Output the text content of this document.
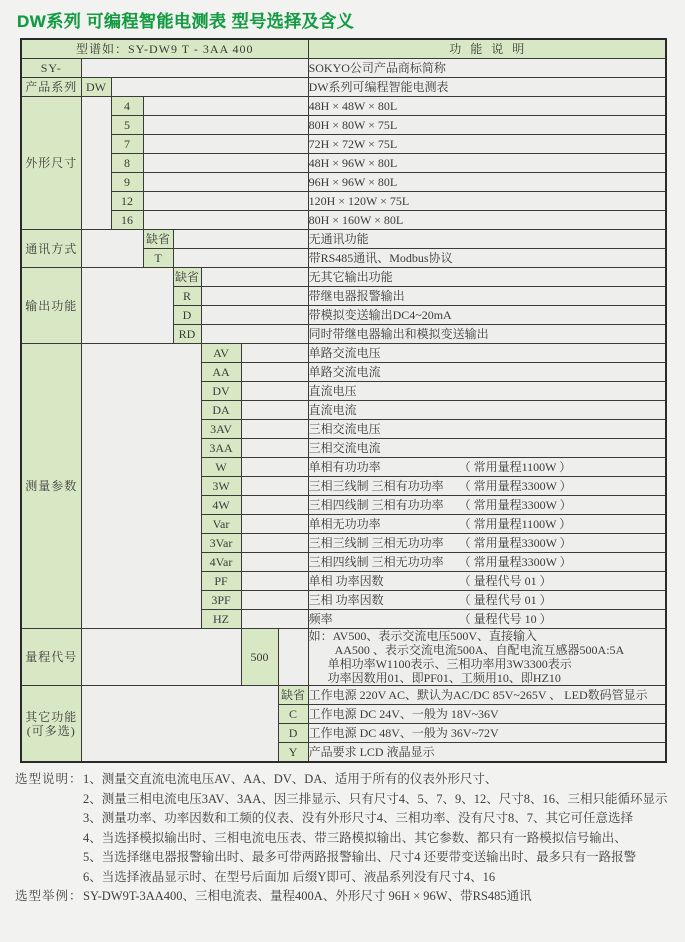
DW系列 可编程智能电测表 型号选择及含义
型谱如：SY-DW9 T - 3AA 400								功能说明
SY-								SOKYO公司产品商标简称
产品系列	DW							DW系列可编程智能电测表
外形尺寸		4						48H × 48W × 80L
		5						80H × 80W × 75L
		7						72H × 72W × 75L
		8						48H × 96W × 80L
		9						96H × 96W × 80L
		12						120H × 120W × 75L
		16						80H × 160W × 80L
通讯方式			缺省					无通讯功能
			T					带RS485通讯、Modbus协议
输出功能				缺省				无其它输出功能
				R				带继电器报警输出
				D				带模拟变送输出DC4~20mA
				RD				同时带继电器输出和模拟变送输出
测量参数					AV			单路交流电压
					AA			单路交流电流
					DV			直流电压
					DA			直流电流
					3AV			三相交流电压
					3AA			三相交流电流
					W			单相有功功率 （ 常用量程1100W ）
					3W			三相三线制 三相有功功率 （ 常用量程3300W ）
					4W			三相四线制 三相有功功率 （ 常用量程3300W ）
					Var			单相无功功率 （ 常用量程1100W ）
					3Var			三相三线制 三相无功功率 （ 常用量程3300W ）
					4Var			三相四线制 三相无功功率 （ 常用量程3300W ）
					PF			单相 功率因数 （ 量程代号 01 ）
					3PF			三相 功率因数 （ 量程代号 01 ）
					HZ			频率 （ 量程代号 10 ）
量程代号						500		如：AV500、表示交流电压500V、直接输入
AA500 、表示交流电流500A、自配电流互感器500A:5A
单相功率W1100表示、三相功率用3W3300表示
功率因数用01、即PF01、工频用10、即HZ10

其它功能
(可多选)							缺省	工作电源 220V AC、默认为AC/DC 85V~265V 、 LED数码管显示
							C	工作电源 DC 24V、一般为 18V~36V
							D	工作电源 DC 48V、一般为 36V~72V
							Y	产品要求 LCD 液晶显示
选型说明：1、测量交直流电流电压AV、AA、DV、DA、适用于所有的仪表外形尺寸、
2、测量三相电流电压3AV、3AA、因三排显示、只有尺寸4、5、7、9、12、尺寸8、16、三相只能循环显示
3、测量功率、功率因数和工频的仪表、没有外形尺寸4、三相功率、没有尺寸8、7、其它可任意选择
4、当选择模拟输出时、三相电流电压表、带三路模拟输出、其它参数、都只有一路模拟信号输出、
5、当选择继电器报警输出时、最多可带两路报警输出、尺寸4 还要带变送输出时、最多只有一路报警
6、当选择液晶显示时、在型号后面加 后缀Y即可、液晶系列没有尺寸4、16
选型举例：SY-DW9T-3AA400、三相电流表、量程400A、外形尺寸 96H × 96W、带RS485通讯
